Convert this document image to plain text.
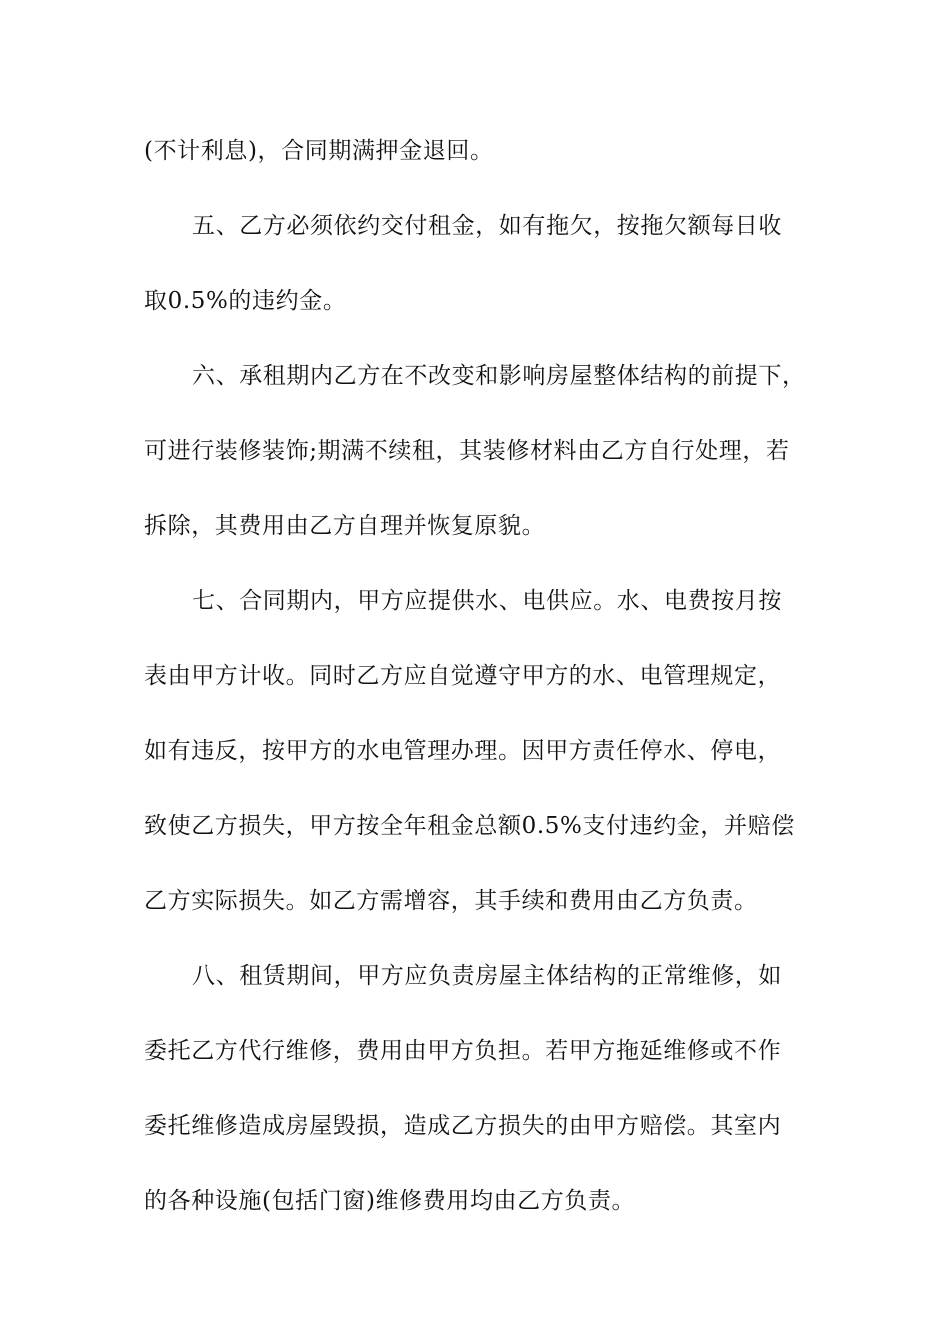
(不计利息)，合同期满押金退回。
五、乙方必须依约交付租金，如有拖欠，按拖欠额每日收
取0.5%的违约金。
六、承租期内乙方在不改变和影响房屋整体结构的前提下，
可进行装修装饰;期满不续租，其装修材料由乙方自行处理，若
拆除，其费用由乙方自理并恢复原貌。
七、合同期内，甲方应提供水、电供应。水、电费按月按
表由甲方计收。同时乙方应自觉遵守甲方的水、电管理规定，
如有违反，按甲方的水电管理办理。因甲方责任停水、停电，
致使乙方损失，甲方按全年租金总额0.5%支付违约金，并赔偿
乙方实际损失。如乙方需增容，其手续和费用由乙方负责。
八、租赁期间，甲方应负责房屋主体结构的正常维修，如
委托乙方代行维修，费用由甲方负担。若甲方拖延维修或不作
委托维修造成房屋毁损，造成乙方损失的由甲方赔偿。其室内
的各种设施(包括门窗)维修费用均由乙方负责。
